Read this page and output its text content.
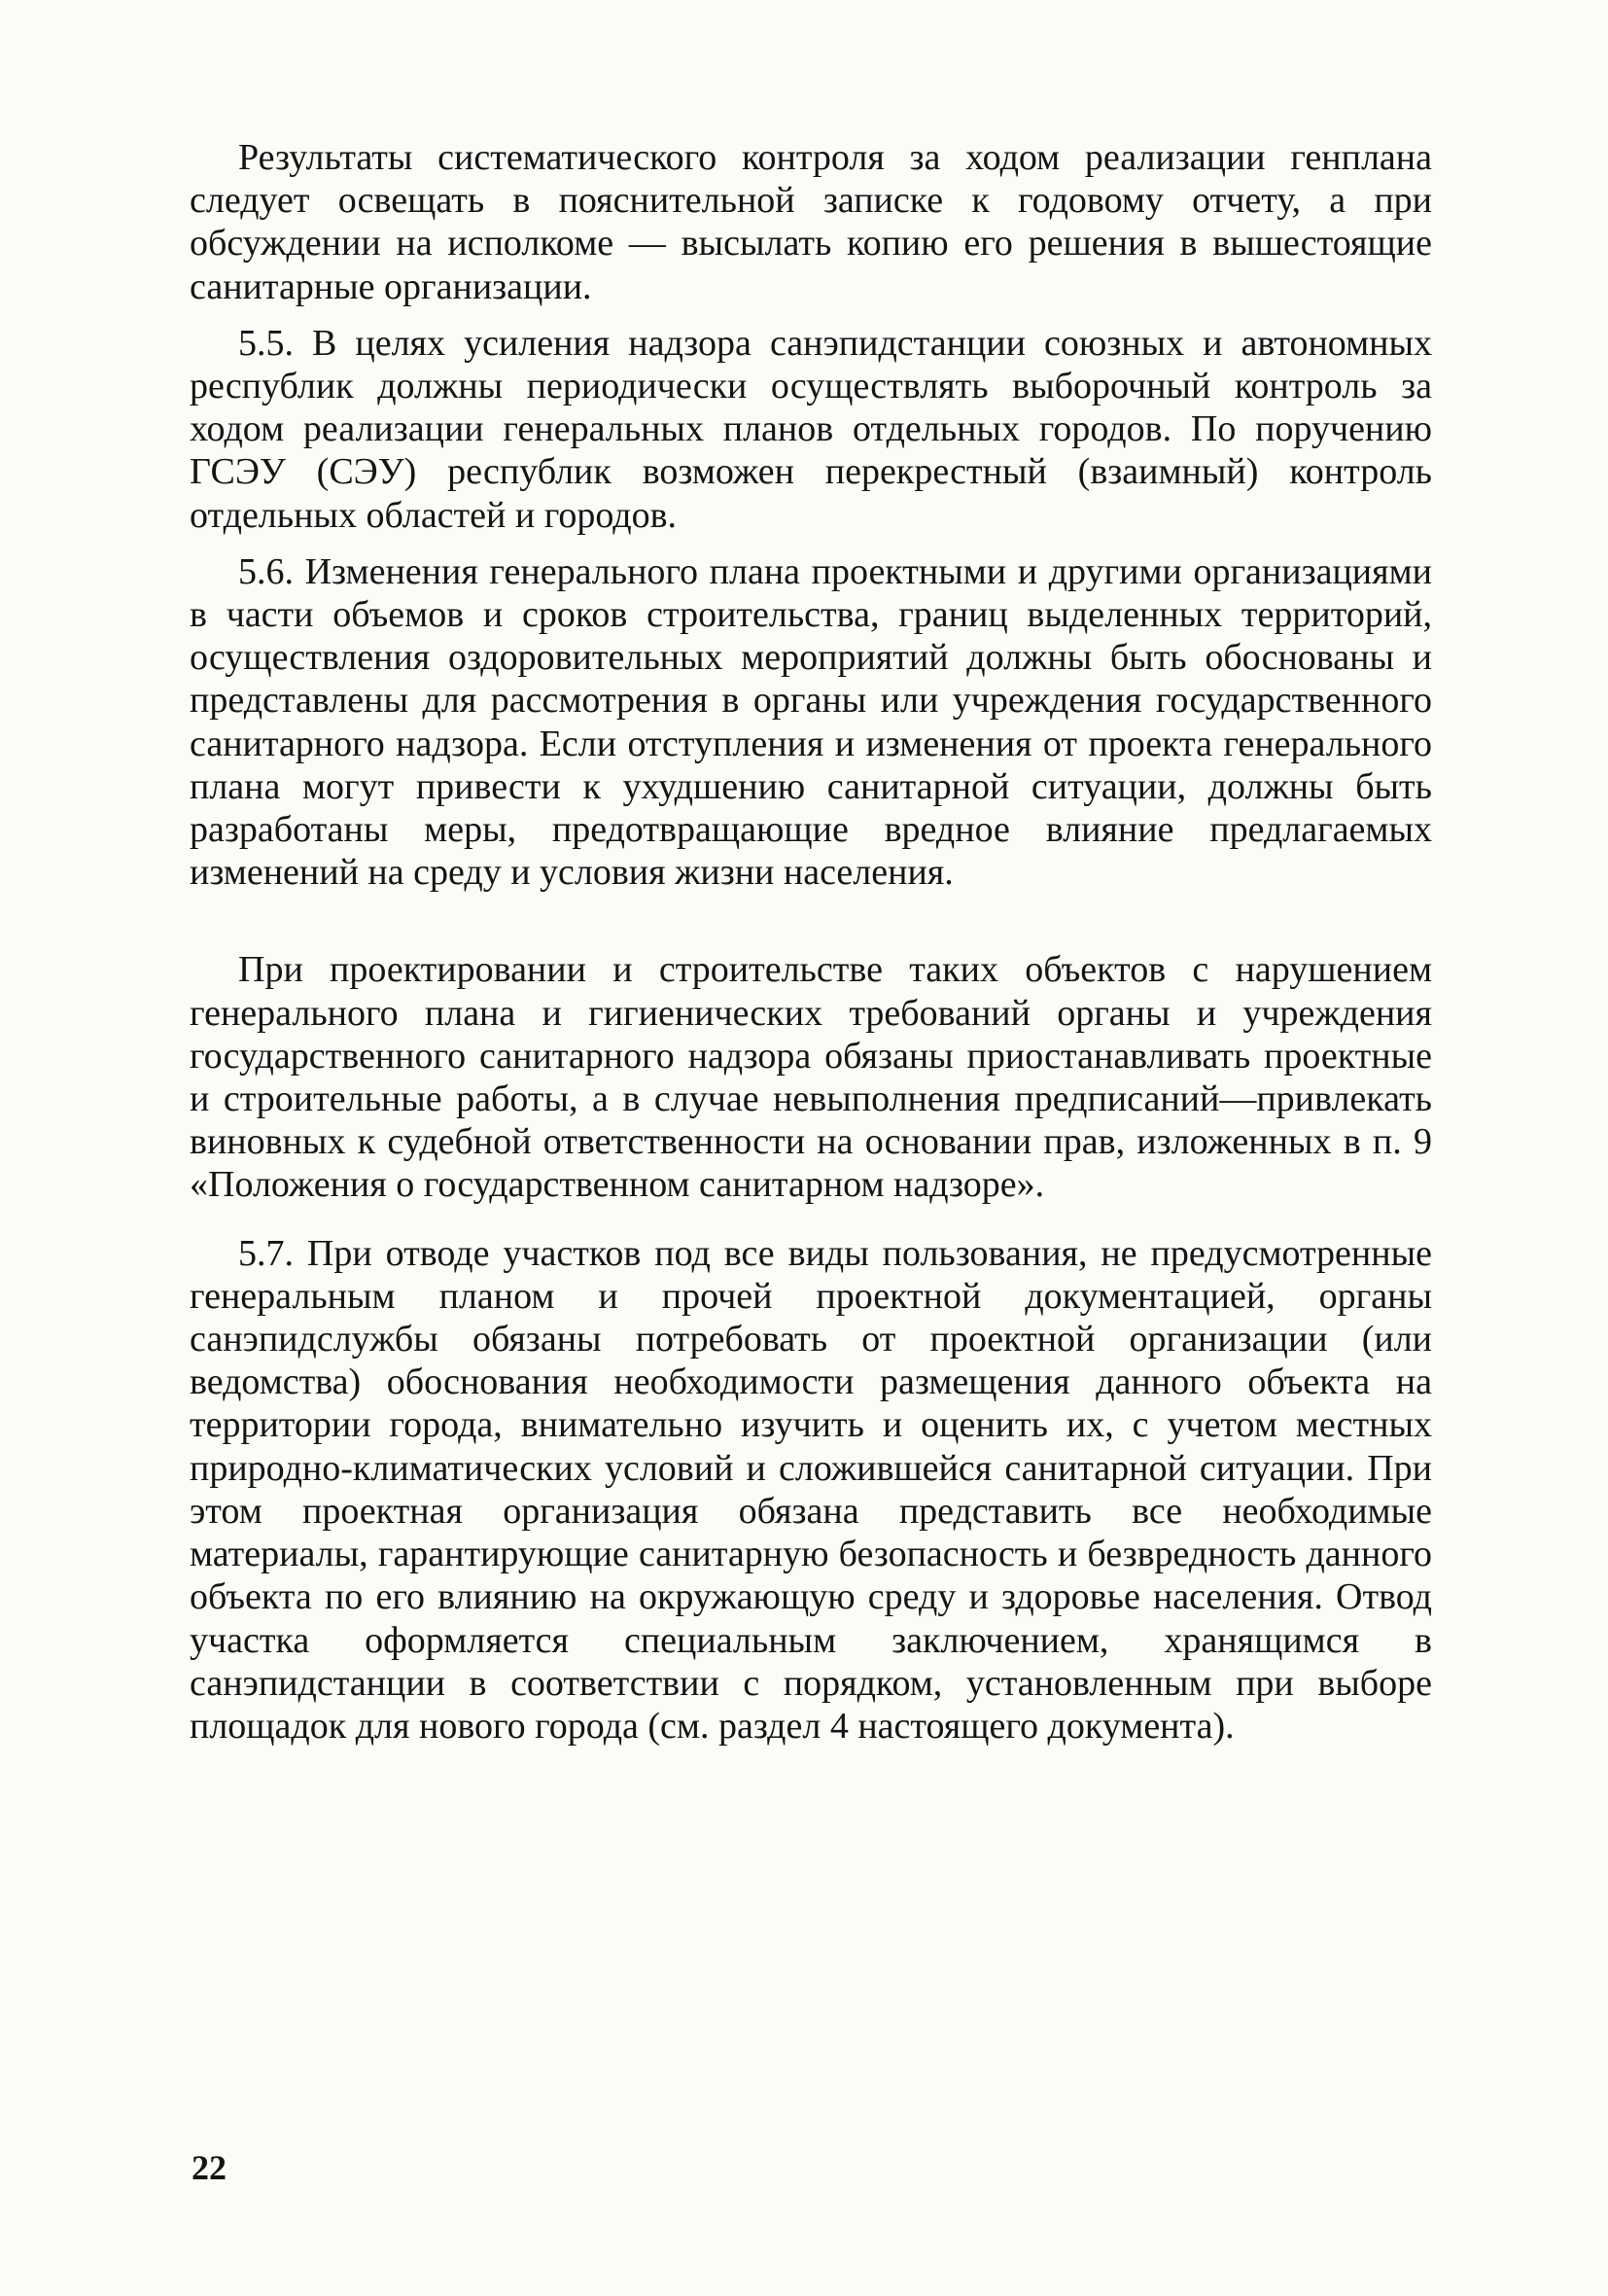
Результаты систематического контроля за ходом реализации генплана следует освещать в пояснительной записке к годовому отчету, а при обсуждении на исполкоме — высылать копию его решения в вышестоящие санитарные организации.

5.5. В целях усиления надзора санэпидстанции союзных и автономных республик должны периодически осуществлять выборочный контроль за ходом реализации генеральных планов отдельных городов. По поручению ГСЭУ (СЭУ) республик возможен перекрестный (взаимный) контроль отдельных областей и городов.

5.6. Изменения генерального плана проектными и другими организациями в части объемов и сроков строительства, границ выделенных территорий, осуществления оздоровительных мероприятий должны быть обоснованы и представлены для рассмотрения в органы или учреждения государственного санитарного надзора. Если отступления и изменения от проекта генерального плана могут привести к ухудшению санитарной ситуации, должны быть разработаны меры, предотвращающие вредное влияние предлагаемых изменений на среду и условия жизни населения.

При проектировании и строительстве таких объектов с нарушением генерального плана и гигиенических требований органы и учреждения государственного санитарного надзора обязаны приостанавливать проектные и строительные работы, а в случае невыполнения предписаний—привлекать виновных к судебной ответственности на основании прав, изложенных в п. 9 «Положения о государственном санитарном надзоре».

5.7. При отводе участков под все виды пользования, не предусмотренные генеральным планом и прочей проектной документацией, органы санэпидслужбы обязаны потребовать от проектной организации (или ведомства) обоснования необходимости размещения данного объекта на территории города, внимательно изучить и оценить их, с учетом местных природно-климатических условий и сложившейся санитарной ситуации. При этом проектная организация обязана представить все необходимые материалы, гарантирующие санитарную безопасность и безвредность данного объекта по его влиянию на окружающую среду и здоровье населения. Отвод участка оформляется специальным заключением, хранящимся в санэпидстанции в соответствии с порядком, установленным при выборе площадок для нового города (см. раздел 4 настоящего документа).

22
